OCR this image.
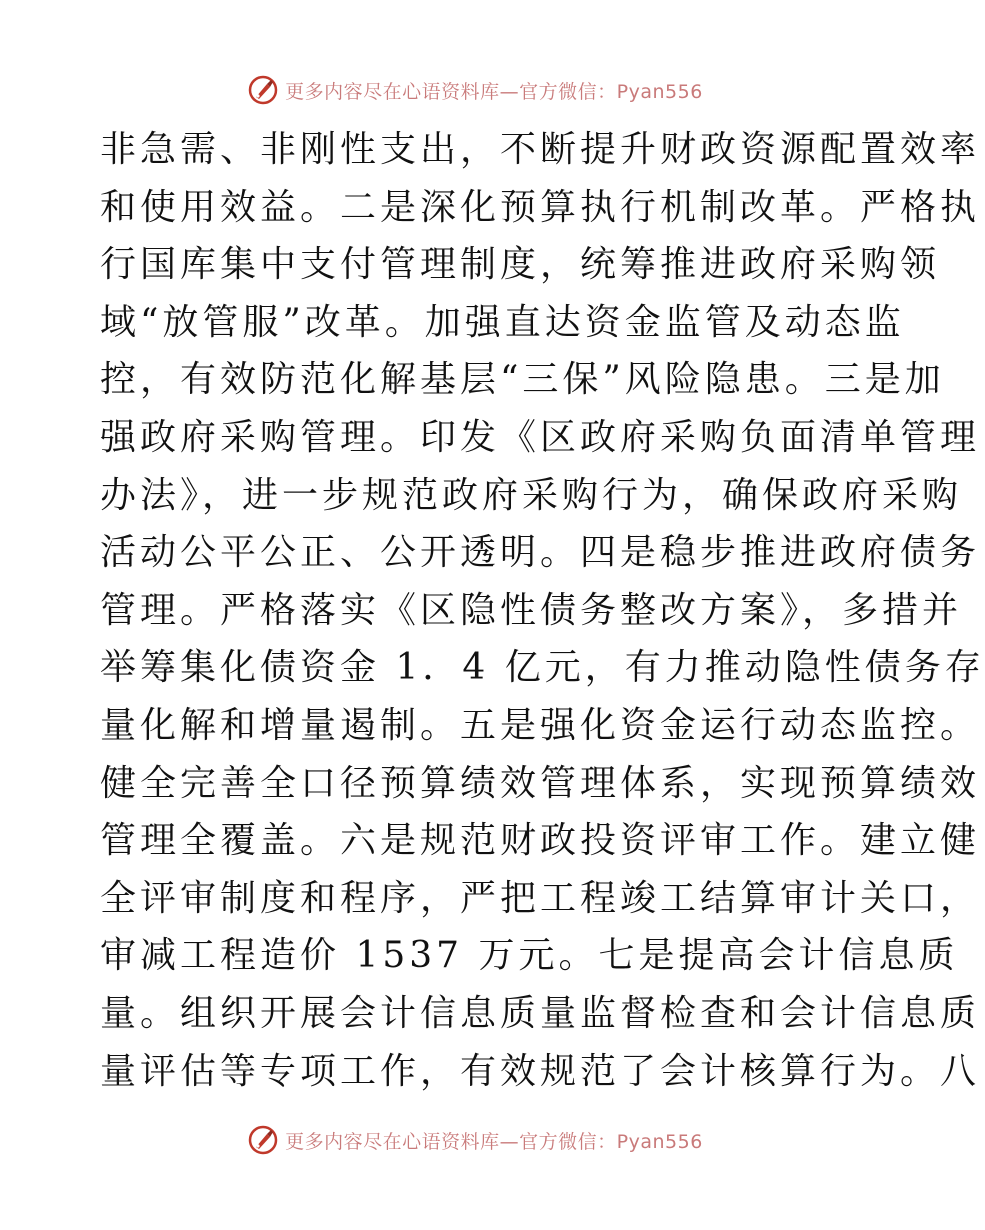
更多内容尽在心语资料库—官方微信：Pyan556
非急需、非刚性支出，不断提升财政资源配置效率
和使用效益。二是深化预算执行机制改革。严格执
行国库集中支付管理制度，统筹推进政府采购领
域“放管服”改革。加强直达资金监管及动态监
控，有效防范化解基层“三保”风险隐患。三是加
强政府采购管理。印发《区政府采购负面清单管理
办法》，进一步规范政府采购行为，确保政府采购
活动公平公正、公开透明。四是稳步推进政府债务
管理。严格落实《区隐性债务整改方案》，多措并
举筹集化债资金 1．4 亿元，有力推动隐性债务存
量化解和增量遏制。五是强化资金运行动态监控。
健全完善全口径预算绩效管理体系，实现预算绩效
管理全覆盖。六是规范财政投资评审工作。建立健
全评审制度和程序，严把工程竣工结算审计关口，
审减工程造价 1537 万元。七是提高会计信息质
量。组织开展会计信息质量监督检查和会计信息质
量评估等专项工作，有效规范了会计核算行为。八
更多内容尽在心语资料库—官方微信：Pyan556
